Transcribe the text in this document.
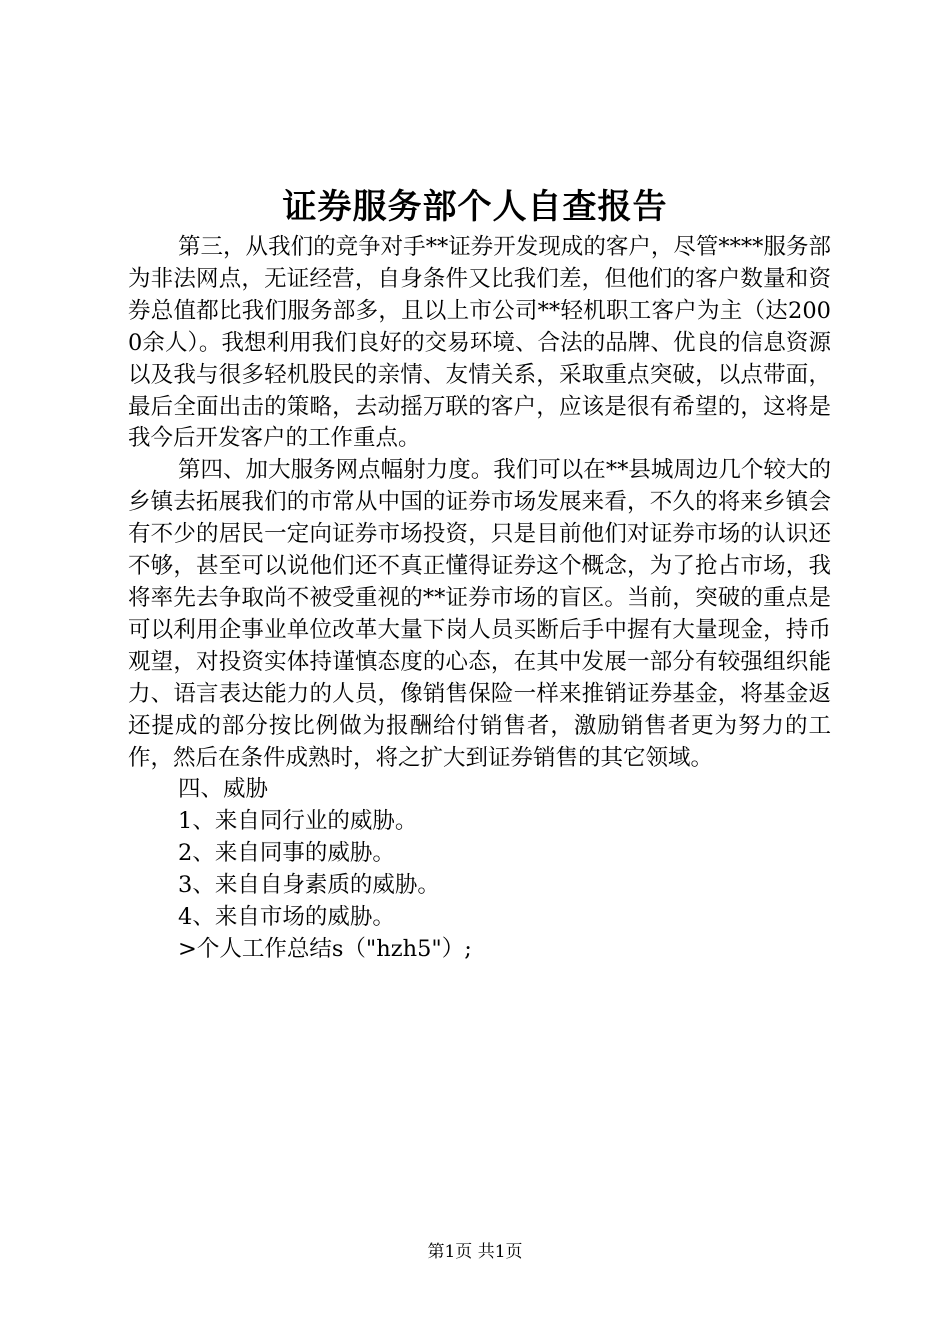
证券服务部个人自查报告

第三，从我们的竞争对手**证券开发现成的客户，尽管****服务部为非法网点，无证经营，自身条件又比我们差，但他们的客户数量和资券总值都比我们服务部多，且以上市公司**轻机职工客户为主（达2000余人）。我想利用我们良好的交易环境、合法的品牌、优良的信息资源以及我与很多轻机股民的亲情、友情关系，采取重点突破，以点带面，最后全面出击的策略，去动摇万联的客户，应该是很有希望的，这将是我今后开发客户的工作重点。

第四、加大服务网点幅射力度。我们可以在**县城周边几个较大的乡镇去拓展我们的市常从中国的证券市场发展来看，不久的将来乡镇会有不少的居民一定向证券市场投资，只是目前他们对证券市场的认识还不够，甚至可以说他们还不真正懂得证券这个概念，为了抢占市场，我将率先去争取尚不被受重视的**证券市场的盲区。当前，突破的重点是可以利用企事业单位改革大量下岗人员买断后手中握有大量现金，持币观望，对投资实体持谨慎态度的心态，在其中发展一部分有较强组织能力、语言表达能力的人员，像销售保险一样来推销证券基金，将基金返还提成的部分按比例做为报酬给付销售者，激励销售者更为努力的工作，然后在条件成熟时，将之扩大到证券销售的其它领域。

四、威胁

1、来自同行业的威胁。

2、来自同事的威胁。

3、来自自身素质的威胁。

4、来自市场的威胁。

>个人工作总结s（"hzh5"）;

第1页 共1页
